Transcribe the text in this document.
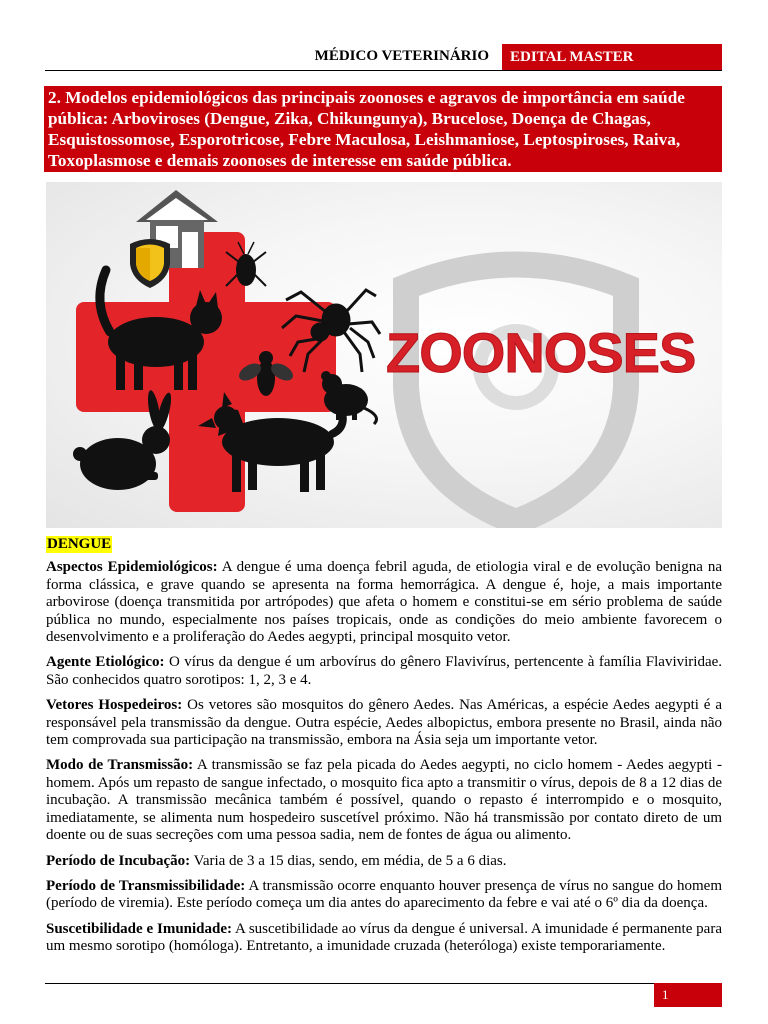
MÉDICO VETERINÁRIO	EDITAL MASTER
2. Modelos epidemiológicos das principais zoonoses e agravos de importância em saúde pública: Arboviroses (Dengue, Zika, Chikungunya), Brucelose, Doença de Chagas, Esquistossomose, Esporotricose, Febre Maculosa, Leishmaniose, Leptospiroses, Raiva, Toxoplasmose e demais zoonoses de interesse em saúde pública.
ZOONOSES
DENGUE

Aspectos Epidemiológicos: A dengue é uma doença febril aguda, de etiologia viral e de evolução benigna na forma clássica, e grave quando se apresenta na forma hemorrágica. A dengue é, hoje, a mais importante arbovirose (doença transmitida por artrópodes) que afeta o homem e constitui-se em sério problema de saúde pública no mundo, especialmente nos países tropicais, onde as condições do meio ambiente favorecem o desenvolvimento e a proliferação do Aedes aegypti, principal mosquito vetor.

Agente Etiológico: O vírus da dengue é um arbovírus do gênero Flavivírus, pertencente à família Flaviviridae. São conhecidos quatro sorotipos: 1, 2, 3 e 4.

Vetores Hospedeiros: Os vetores são mosquitos do gênero Aedes. Nas Américas, a espécie Aedes aegypti é a responsável pela transmissão da dengue. Outra espécie, Aedes albopictus, embora presente no Brasil, ainda não tem comprovada sua participação na transmissão, embora na Ásia seja um importante vetor.

Modo de Transmissão: A transmissão se faz pela picada do Aedes aegypti, no ciclo homem - Aedes aegypti - homem. Após um repasto de sangue infectado, o mosquito fica apto a transmitir o vírus, depois de 8 a 12 dias de incubação. A transmissão mecânica também é possível, quando o repasto é interrompido e o mosquito, imediatamente, se alimenta num hospedeiro suscetível próximo. Não há transmissão por contato direto de um doente ou de suas secreções com uma pessoa sadia, nem de fontes de água ou alimento.

Período de Incubação: Varia de 3 a 15 dias, sendo, em média, de 5 a 6 dias.

Período de Transmissibilidade: A transmissão ocorre enquanto houver presença de vírus no sangue do homem (período de viremia). Este período começa um dia antes do aparecimento da febre e vai até o 6º dia da doença.

Suscetibilidade e Imunidade: A suscetibilidade ao vírus da dengue é universal. A imunidade é permanente para um mesmo sorotipo (homóloga). Entretanto, a imunidade cruzada (heteróloga) existe temporariamente.

1
